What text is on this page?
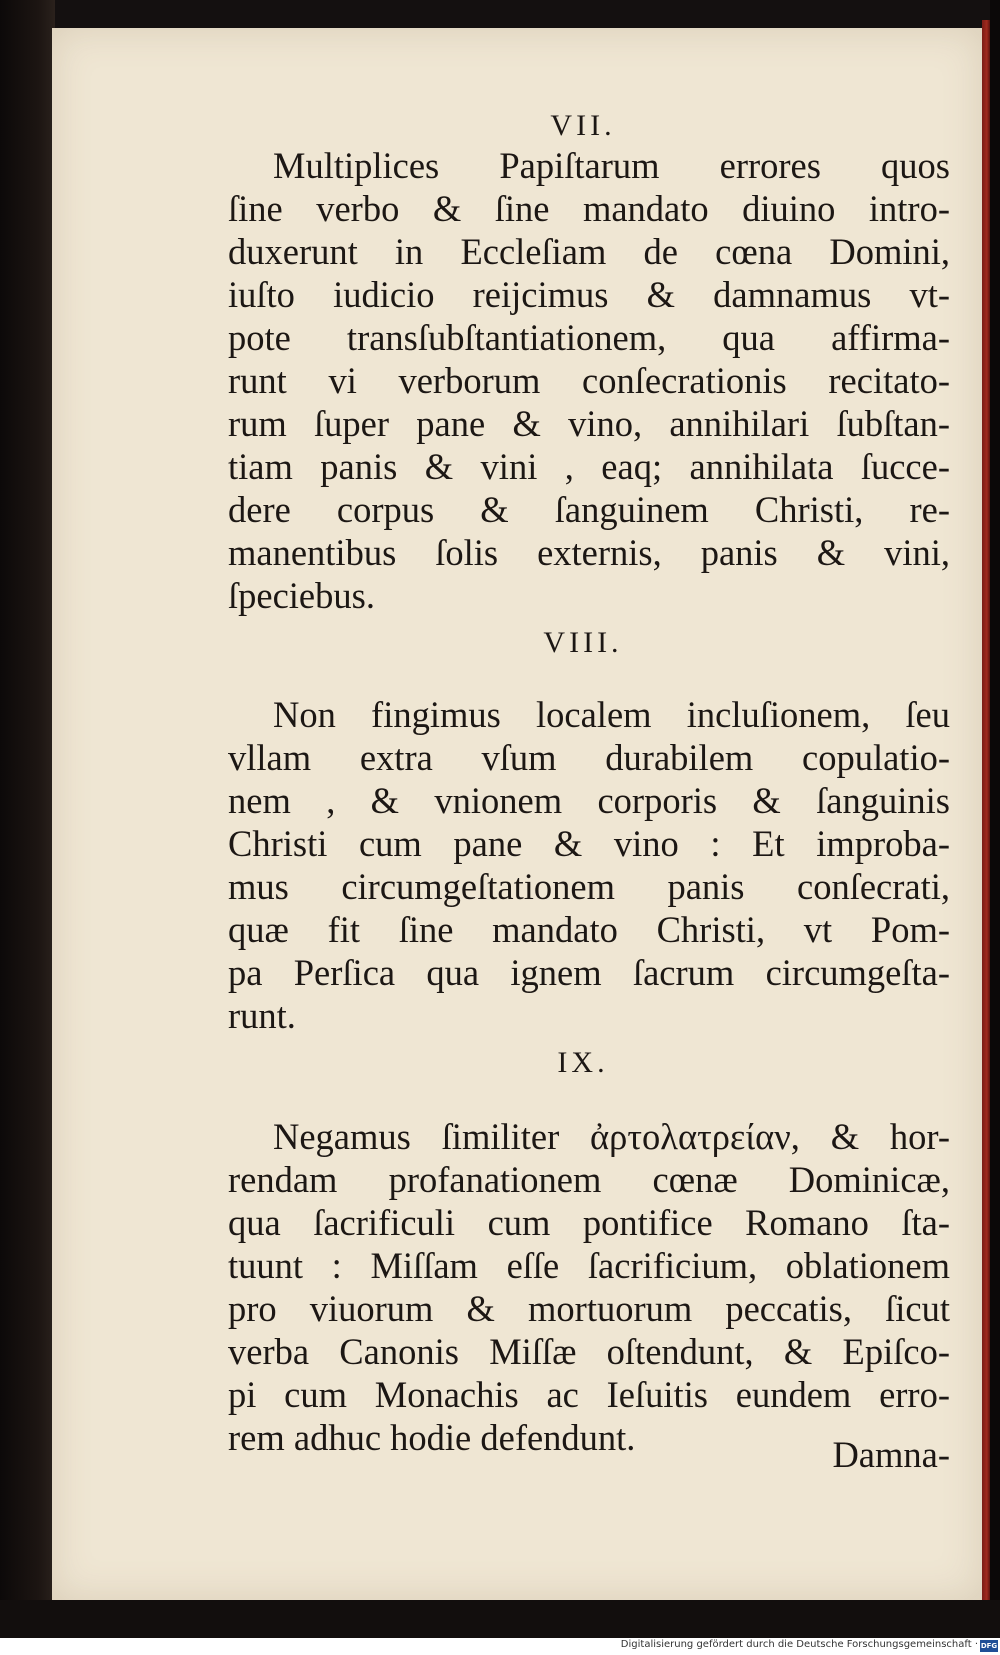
VII.
Multiplices Papiſtarum errores quos
ſine verbo & ſine mandato diuino intro-
duxerunt in Eccleſiam de cœna Domini,
iuſto iudicio reijcimus & damnamus vt-
pote transſubſtantiationem, qua affirma-
runt vi verborum conſecrationis recitato-
rum ſuper pane & vino, annihilari ſubſtan-
tiam panis & vini , eaq; annihilata ſucce-
dere corpus & ſanguinem Christi, re-
manentibus ſolis externis, panis & vini,
ſpeciebus.
VIII.
Non fingimus localem incluſionem, ſeu
vllam extra vſum durabilem copulatio-
nem , & vnionem corporis & ſanguinis
Christi cum pane & vino : Et improba-
mus circumgeſtationem panis conſecrati,
quæ fit ſine mandato Christi, vt Pom-
pa Perſica qua ignem ſacrum circumgeſta-
runt.
IX.
Negamus ſimiliter ἀρτολατρείαν, & hor-
rendam profanationem cœnæ Dominicæ,
qua ſacrificuli cum pontifice Romano ſta-
tuunt : Miſſam eſſe ſacrificium, oblationem
pro viuorum & mortuorum peccatis, ſicut
verba Canonis Miſſæ oſtendunt, & Epiſco-
pi cum Monachis ac Ieſuitis eundem erro-
rem adhuc hodie defendunt.	Damna-
Digitalisierung gefördert durch die Deutsche Forschungsgemeinschaft · DFG
